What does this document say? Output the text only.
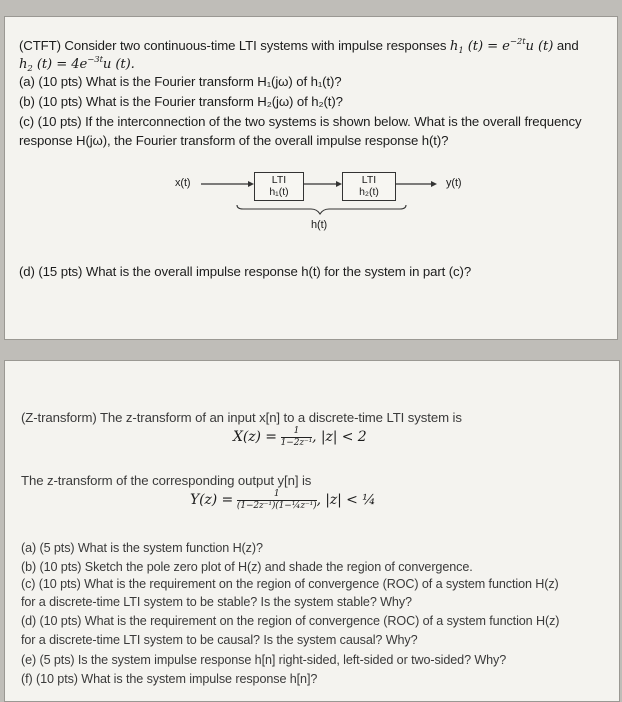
(CTFT) Consider two continuous-time LTI systems with impulse responses $h_1$ $(t) = e^{-2t}u$ (t) and
$h_2$ $(t) = 4e^{-3t}u$ (t).
(a) (10 pts) What is the Fourier transform H₁(jω) of h₁(t)?
(b) (10 pts) What is the Fourier transform H₂(jω) of h₂(t)?
(c) (10 pts) If the interconnection of the two systems is shown below. What is the overall frequency
response H(jω), the Fourier transform of the overall impulse response h(t)?
x(t)	LTI
h₁(t)
LTI
h₂(t)
y(t)
h(t)
(d) (15 pts) What is the overall impulse response h(t) for the system in part (c)?
(Z-transform) The z-transform of an input x[n] to a discrete-time LTI system is
$X(z) = \frac{1}{\text{1−2z⁻¹}}$ , |z| < 2
The z-transform of the corresponding output y[n] is
$Y(z) = \frac{1}{\text{(1−2z⁻¹)(1−¼z⁻¹)}}$ , |z| < ¼
(a) (5 pts) What is the system function H(z)?
(b) (10 pts) Sketch the pole zero plot of H(z) and shade the region of convergence.
(c) (10 pts) What is the requirement on the region of convergence (ROC) of a system function H(z)
for a discrete-time LTI system to be stable? Is the system stable? Why?
(d) (10 pts) What is the requirement on the region of convergence (ROC) of a system function H(z)
for a discrete-time LTI system to be causal? Is the system causal? Why?
(e) (5 pts) Is the system impulse response h[n] right-sided, left-sided or two-sided? Why?
(f) (10 pts) What is the system impulse response h[n]?
